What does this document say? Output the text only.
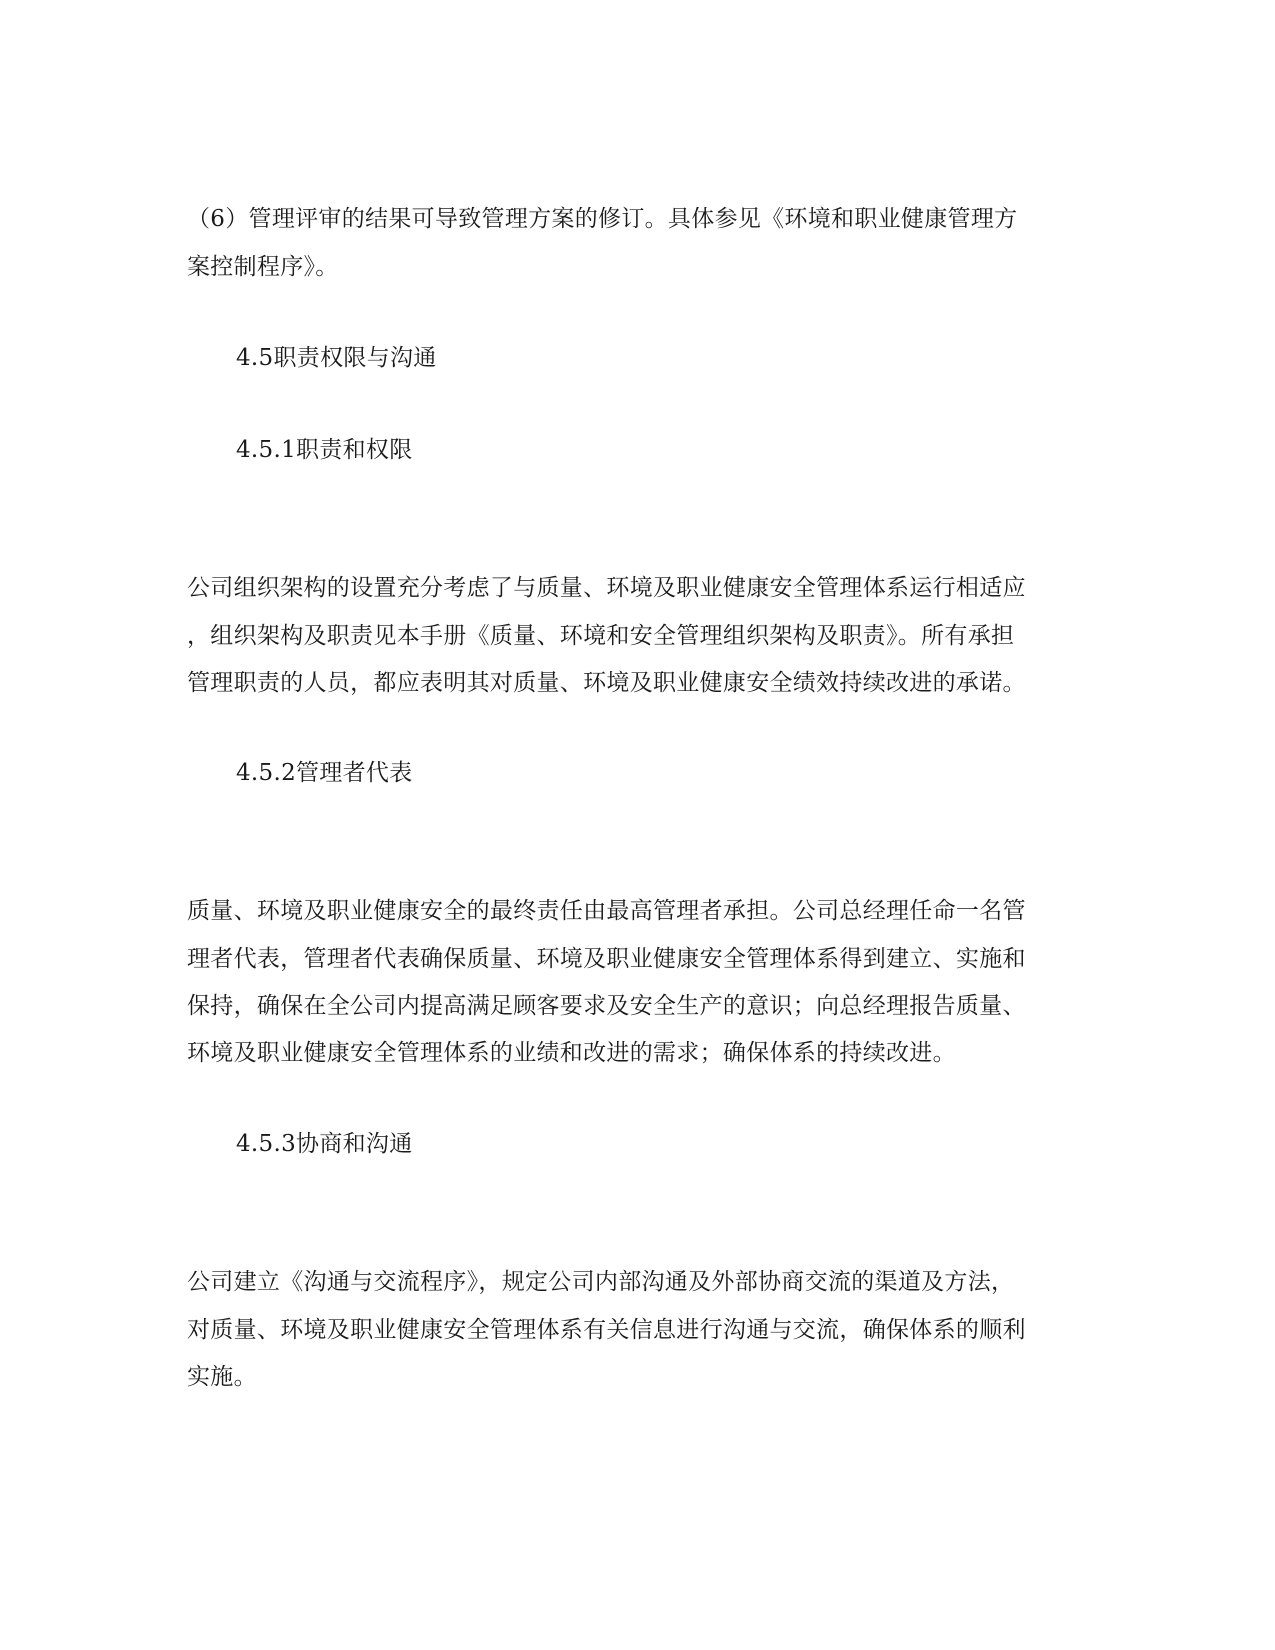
（6）管理评审的结果可导致管理方案的修订。具体参见《环境和职业健康管理方
案控制程序》。
4.5职责权限与沟通
4.5.1职责和权限
公司组织架构的设置充分考虑了与质量、环境及职业健康安全管理体系运行相适应
，组织架构及职责见本手册《质量、环境和安全管理组织架构及职责》。所有承担
管理职责的人员，都应表明其对质量、环境及职业健康安全绩效持续改进的承诺。
4.5.2管理者代表
质量、环境及职业健康安全的最终责任由最高管理者承担。公司总经理任命一名管
理者代表，管理者代表确保质量、环境及职业健康安全管理体系得到建立、实施和
保持，确保在全公司内提高满足顾客要求及安全生产的意识；向总经理报告质量、
环境及职业健康安全管理体系的业绩和改进的需求；确保体系的持续改进。
4.5.3协商和沟通
公司建立《沟通与交流程序》，规定公司内部沟通及外部协商交流的渠道及方法，
对质量、环境及职业健康安全管理体系有关信息进行沟通与交流，确保体系的顺利
实施。
